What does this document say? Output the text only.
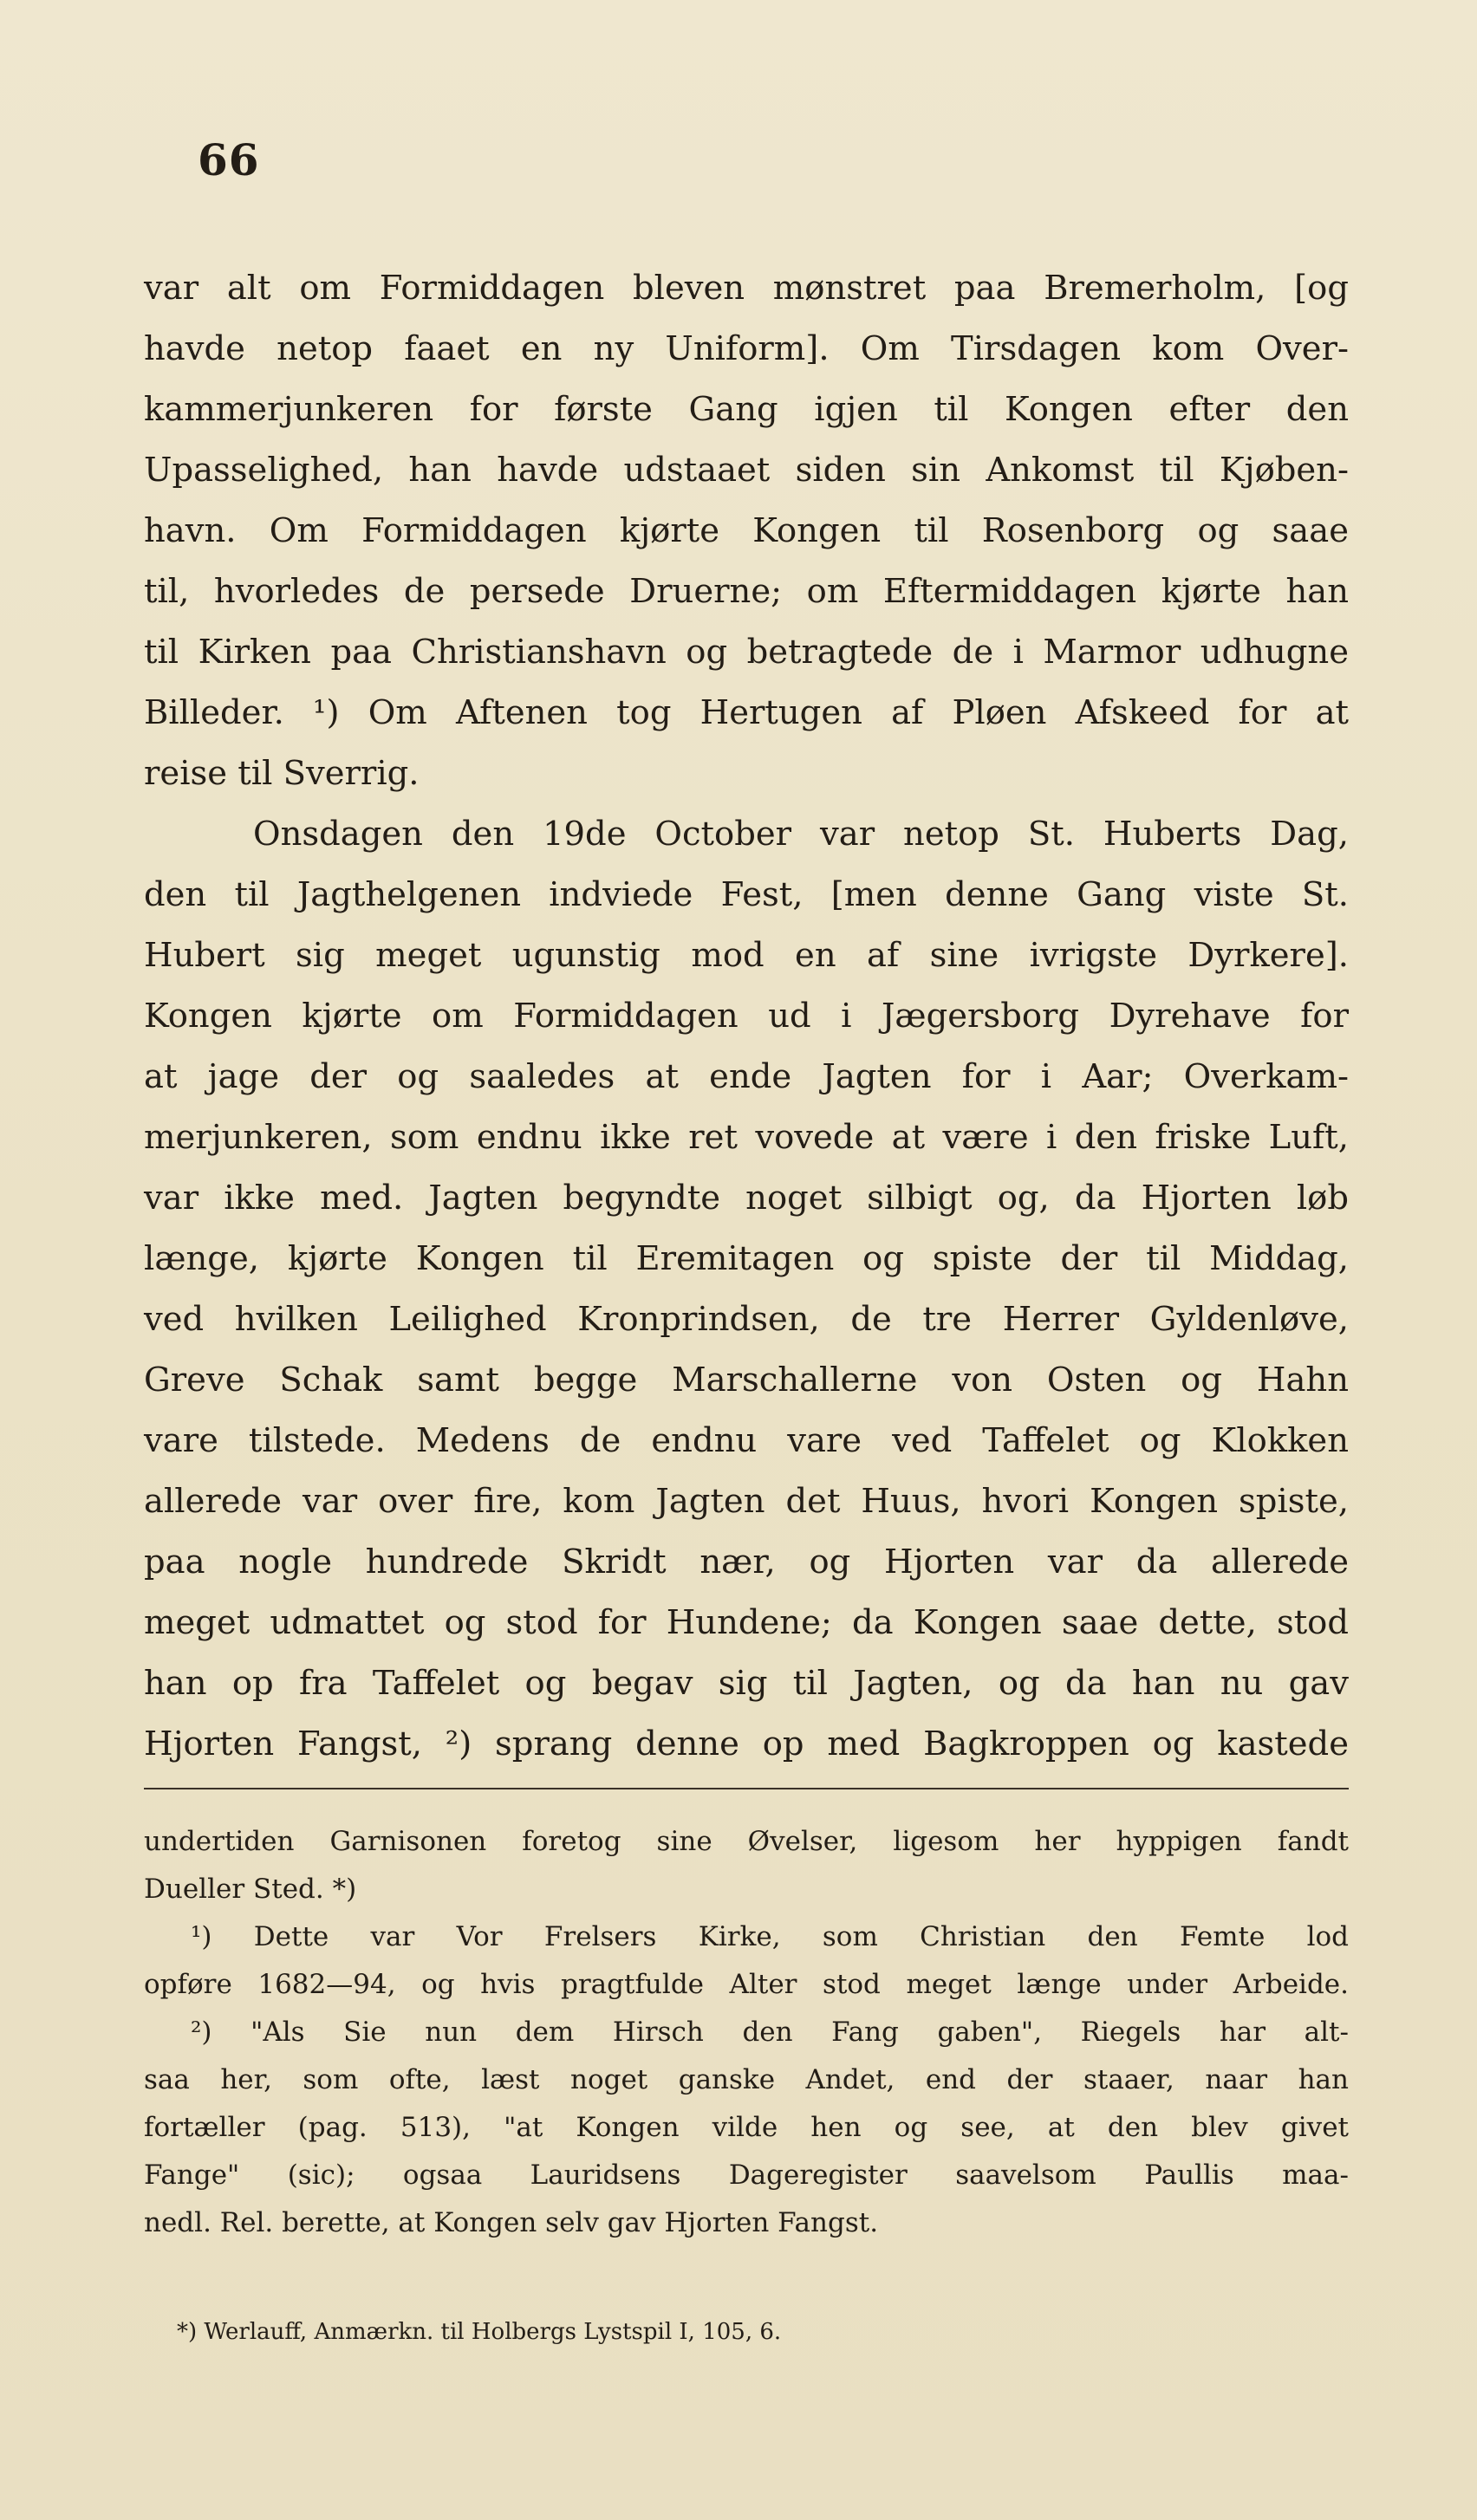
66
var alt om Formiddagen bleven mønstret paa Bremerholm, [og
havde netop faaet en ny Uniform]. Om Tirsdagen kom Over-
kammerjunkeren for første Gang igjen til Kongen efter den
Upasselighed, han havde udstaaet siden sin Ankomst til Kjøben-
havn. Om Formiddagen kjørte Kongen til Rosenborg og saae
til, hvorledes de persede Druerne; om Eftermiddagen kjørte han
til Kirken paa Christianshavn og betragtede de i Marmor udhugne
Billeder. ¹) Om Aftenen tog Hertugen af Pløen Afskeed for at
reise til Sverrig.
Onsdagen den 19de October var netop St. Huberts Dag,
den til Jagthelgenen indviede Fest, [men denne Gang viste St.
Hubert sig meget ugunstig mod en af sine ivrigste Dyrkere].
Kongen kjørte om Formiddagen ud i Jægersborg Dyrehave for
at jage der og saaledes at ende Jagten for i Aar; Overkam-
merjunkeren, som endnu ikke ret vovede at være i den friske Luft,
var ikke med. Jagten begyndte noget silbigt og, da Hjorten løb
længe, kjørte Kongen til Eremitagen og spiste der til Middag,
ved hvilken Leilighed Kronprindsen, de tre Herrer Gyldenløve,
Greve Schak samt begge Marschallerne von Osten og Hahn
vare tilstede. Medens de endnu vare ved Taffelet og Klokken
allerede var over fire, kom Jagten det Huus, hvori Kongen spiste,
paa nogle hundrede Skridt nær, og Hjorten var da allerede
meget udmattet og stod for Hundene; da Kongen saae dette, stod
han op fra Taffelet og begav sig til Jagten, og da han nu gav
Hjorten Fangst, ²) sprang denne op med Bagkroppen og kastede
undertiden Garnisonen foretog sine Øvelser, ligesom her hyppigen fandt
Dueller Sted. *)
¹) Dette var Vor Frelsers Kirke, som Christian den Femte lod
opføre 1682—94, og hvis pragtfulde Alter stod meget længe under Arbeide.
²) "Als Sie nun dem Hirsch den Fang gaben", Riegels har alt-
saa her, som ofte, læst noget ganske Andet, end der staaer, naar han
fortæller (pag. 513), "at Kongen vilde hen og see, at den blev givet
Fange" (sic); ogsaa Lauridsens Dageregister saavelsom Paullis maa-
nedl. Rel. berette, at Kongen selv gav Hjorten Fangst.
*) Werlauff, Anmærkn. til Holbergs Lystspil I, 105, 6.
